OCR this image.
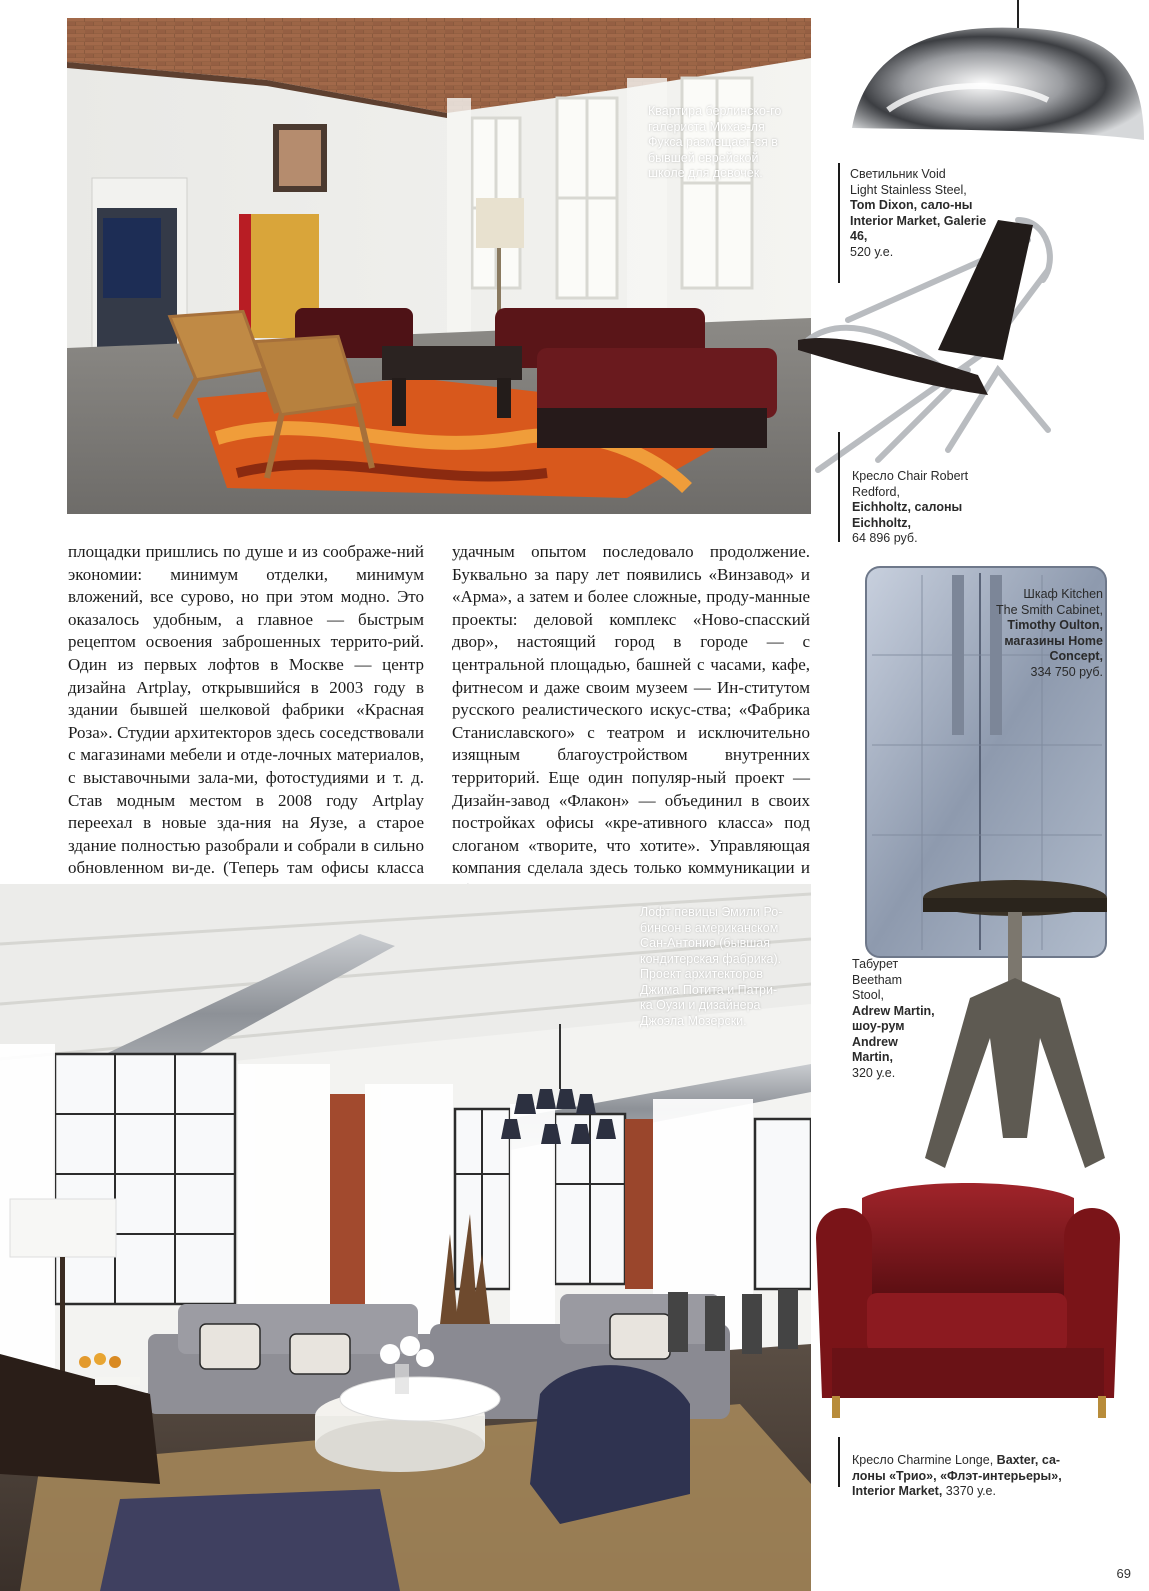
Квартира берлинско-го галериста Михаэ-ля Фукса размещает-ся в бывшей еврейской школе для девочек.
площадки пришлись по душе и из соображе-ний экономии: минимум отделки, минимум вложений, все сурово, но при этом модно. Это оказалось удобным, а главное — быстрым рецептом освоения заброшенных террито-рий. Один из первых лофтов в Москве — центр дизайна Artplay, открывшийся в 2003 году в здании бывшей шелковой фабрики «Красная Роза». Студии архитекторов здесь соседствовали с магазинами мебели и отде-лочных материалов, с выставочными зала-ми, фотостудиями и т. д. Став модным местом в 2008 году Artplay переехал в новые зда-ния на Яузе, а старое здание полностью разобрали и собрали в сильно обновленном ви-де. (Теперь там офисы класса
удачным опытом последовало продолжение. Буквально за пару лет появились «Винзавод» и «Арма», а затем и более сложные, проду-манные проекты: деловой комплекс «Ново-спасский двор», настоящий город в городе — с центральной площадью, башней с часами, кафе, фитнесом и даже своим музеем — Ин-ститутом русского реалистического искус-ства; «Фабрика Станиславского» с театром и исключительно изящным благоустройством внутренних территорий. Еще один популяр-ный проект — Дизайн-завод «Флакон» — объединил в своих постройках офисы «кре-ативного класса» под слоганом «творите, что хотите». Управляющая компания сделала здесь только коммуникации и
Лофт певицы Эмили Ро-бинсон в американском Сан-Антонио (бывшая кондитерская фабрика). Проект архитекторов Джима Потита и Патри-ка Оузи и дизайнера Джоэла Мозерски.
Светильник Void
Light Stainless Steel,
Tom Dixon, сало-ны Interior Market, Galerie 46,
520 у.е.
Кресло Chair Robert
Redford,
Eichholtz, салоны Eichholtz,
64 896 руб.
Шкаф Kitchen
The Smith Cabinet,
Timothy Oulton, магазины Home Concept,
334 750 руб.
Табурет Beetham
Stool,
Adrew Martin, шоу-рум Andrew Martin,
320 у.е.
Кресло Charmine Longe, Baxter, са-лоны «Трио», «Флэт-интерьеры», Interior Market, 3370 у.е.
69
